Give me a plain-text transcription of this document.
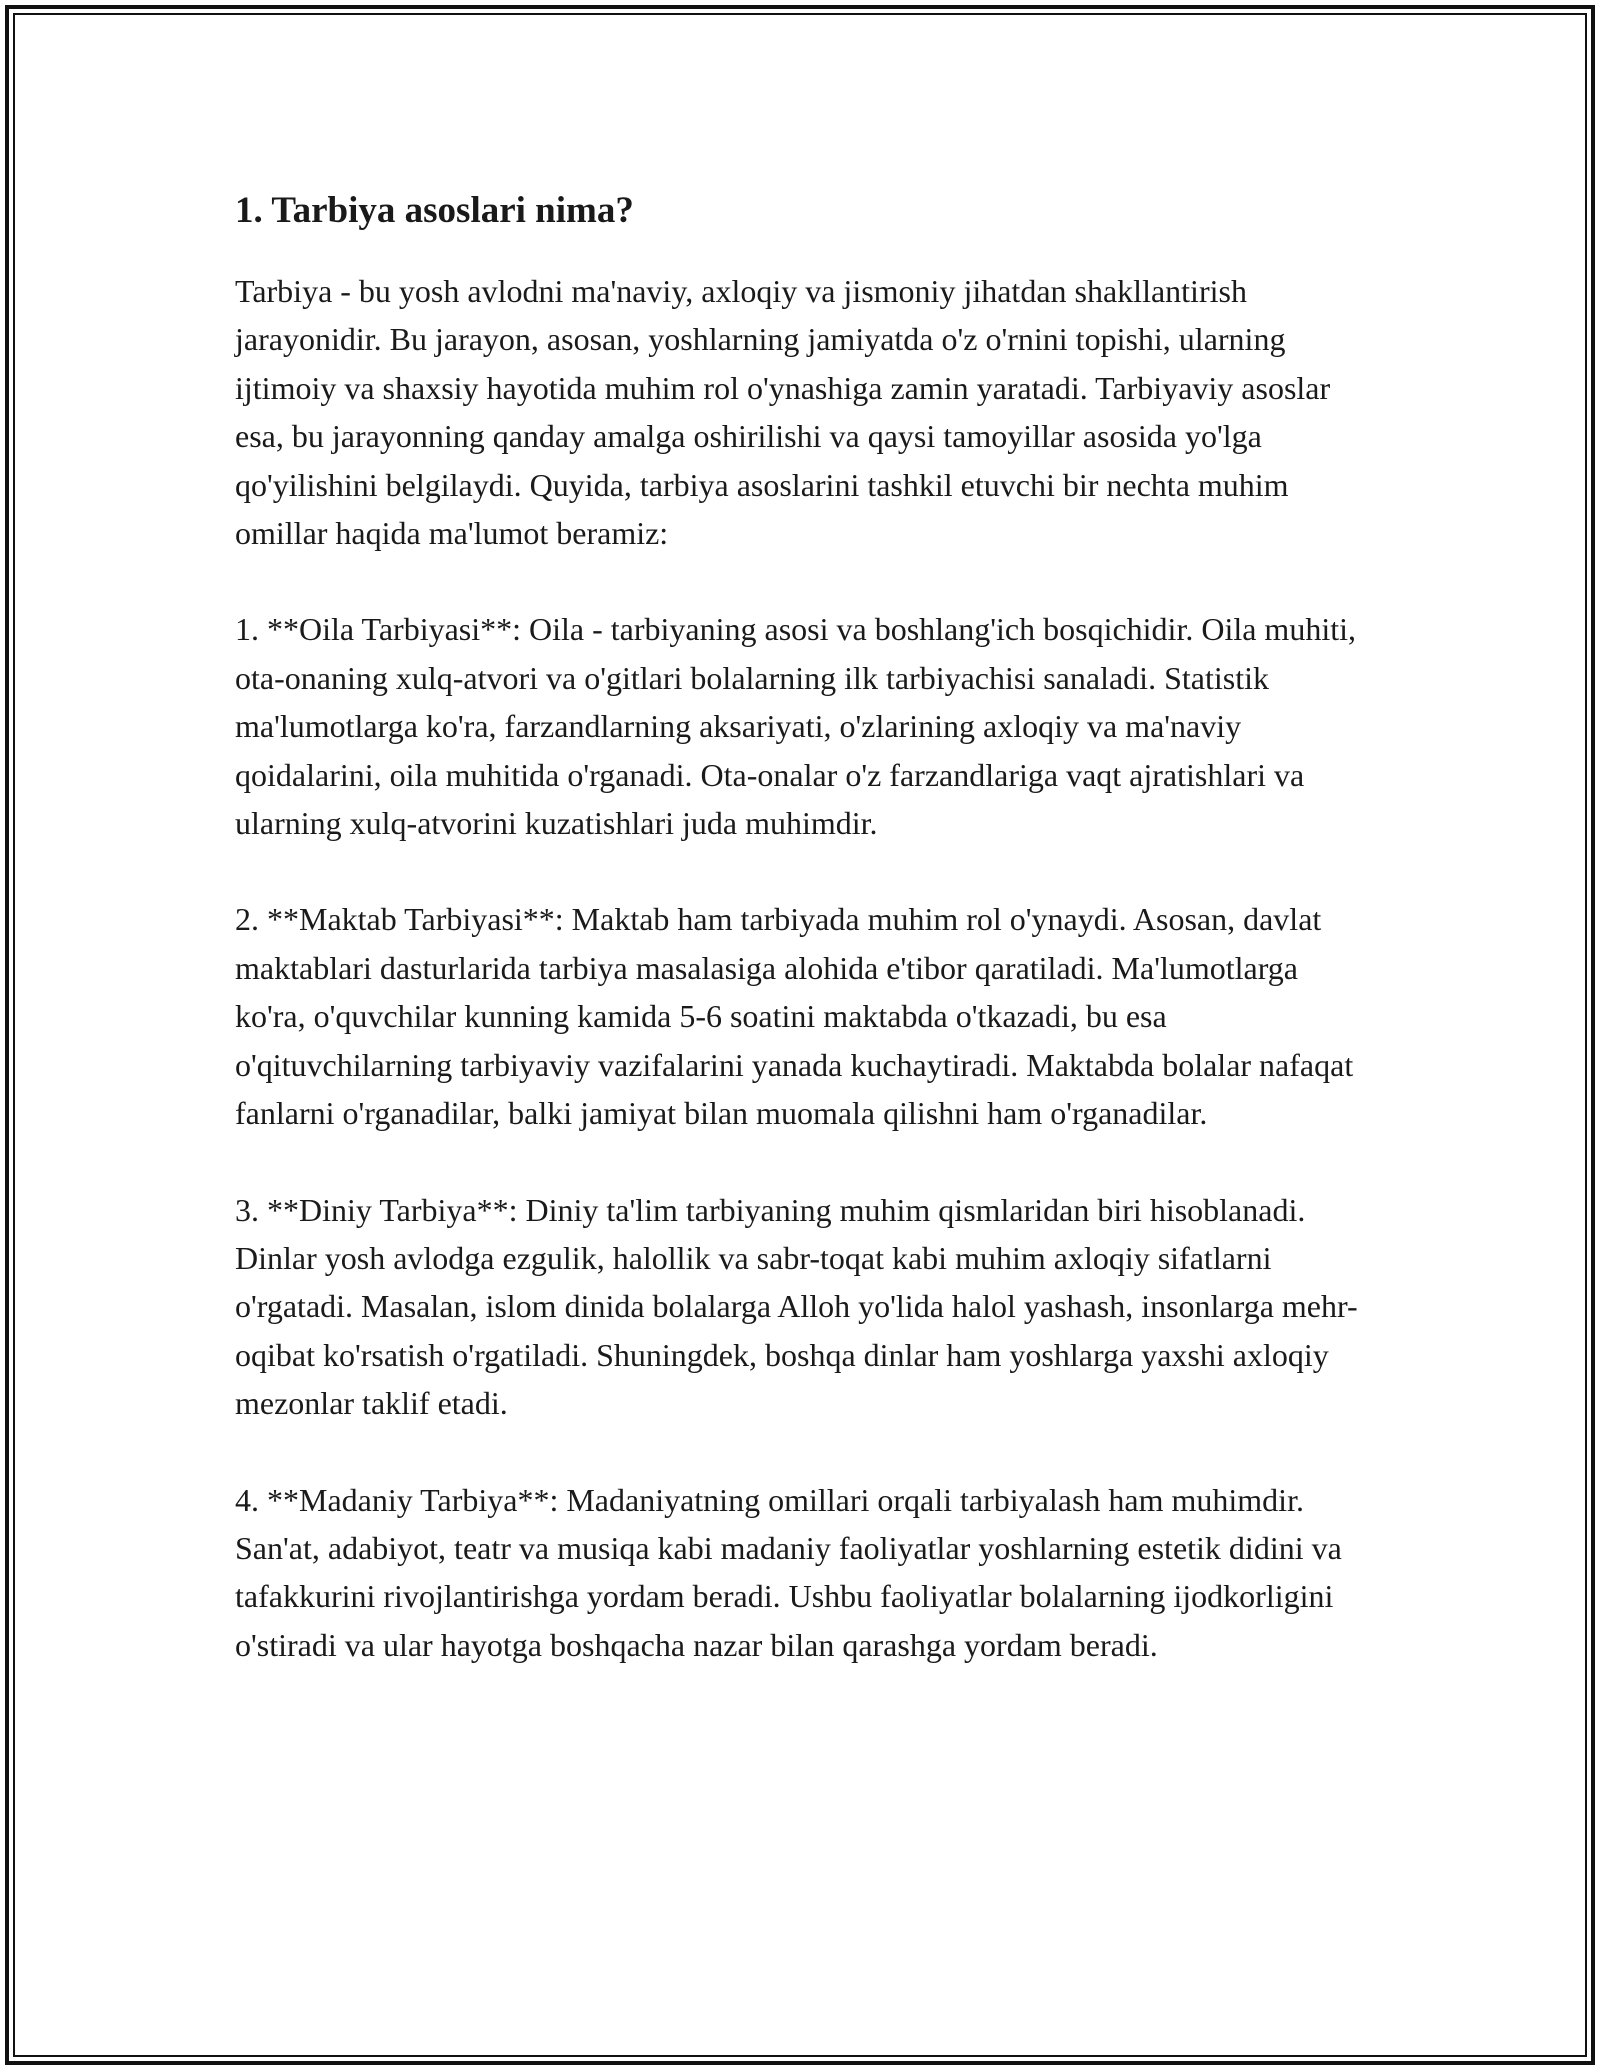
1. Tarbiya asoslari nima?

Tarbiya - bu yosh avlodni ma'naviy, axloqiy va jismoniy jihatdan shakllantirish jarayonidir. Bu jarayon, asosan, yoshlarning jamiyatda o'z o'rnini topishi, ularning ijtimoiy va shaxsiy hayotida muhim rol o'ynashiga zamin yaratadi. Tarbiyaviy asoslar esa, bu jarayonning qanday amalga oshirilishi va qaysi tamoyillar asosida yo'lga qo'yilishini belgilaydi. Quyida, tarbiya asoslarini tashkil etuvchi bir nechta muhim omillar haqida ma'lumot beramiz:

1. **Oila Tarbiyasi**: Oila - tarbiyaning asosi va boshlang'ich bosqichidir. Oila muhiti, ota-onaning xulq-atvori va o'gitlari bolalarning ilk tarbiyachisi sanaladi. Statistik ma'lumotlarga ko'ra, farzandlarning aksariyati, o'zlarining axloqiy va ma'naviy qoidalarini, oila muhitida o'rganadi. Ota-onalar o'z farzandlariga vaqt ajratishlari va ularning xulq-atvorini kuzatishlari juda muhimdir.

2. **Maktab Tarbiyasi**: Maktab ham tarbiyada muhim rol o'ynaydi. Asosan, davlat maktablari dasturlarida tarbiya masalasiga alohida e'tibor qaratiladi. Ma'lumotlarga ko'ra, o'quvchilar kunning kamida 5-6 soatini maktabda o'tkazadi, bu esa o'qituvchilarning tarbiyaviy vazifalarini yanada kuchaytiradi. Maktabda bolalar nafaqat fanlarni o'rganadilar, balki jamiyat bilan muomala qilishni ham o'rganadilar.

3. **Diniy Tarbiya**: Diniy ta'lim tarbiyaning muhim qismlaridan biri hisoblanadi. Dinlar yosh avlodga ezgulik, halollik va sabr-toqat kabi muhim axloqiy sifatlarni o'rgatadi. Masalan, islom dinida bolalarga Alloh yo'lida halol yashash, insonlarga mehr-oqibat ko'rsatish o'rgatiladi. Shuningdek, boshqa dinlar ham yoshlarga yaxshi axloqiy mezonlar taklif etadi.

4. **Madaniy Tarbiya**: Madaniyatning omillari orqali tarbiyalash ham muhimdir. San'at, adabiyot, teatr va musiqa kabi madaniy faoliyatlar yoshlarning estetik didini va tafakkurini rivojlantirishga yordam beradi. Ushbu faoliyatlar bolalarning ijodkorligini o'stiradi va ular hayotga boshqacha nazar bilan qarashga yordam beradi.
